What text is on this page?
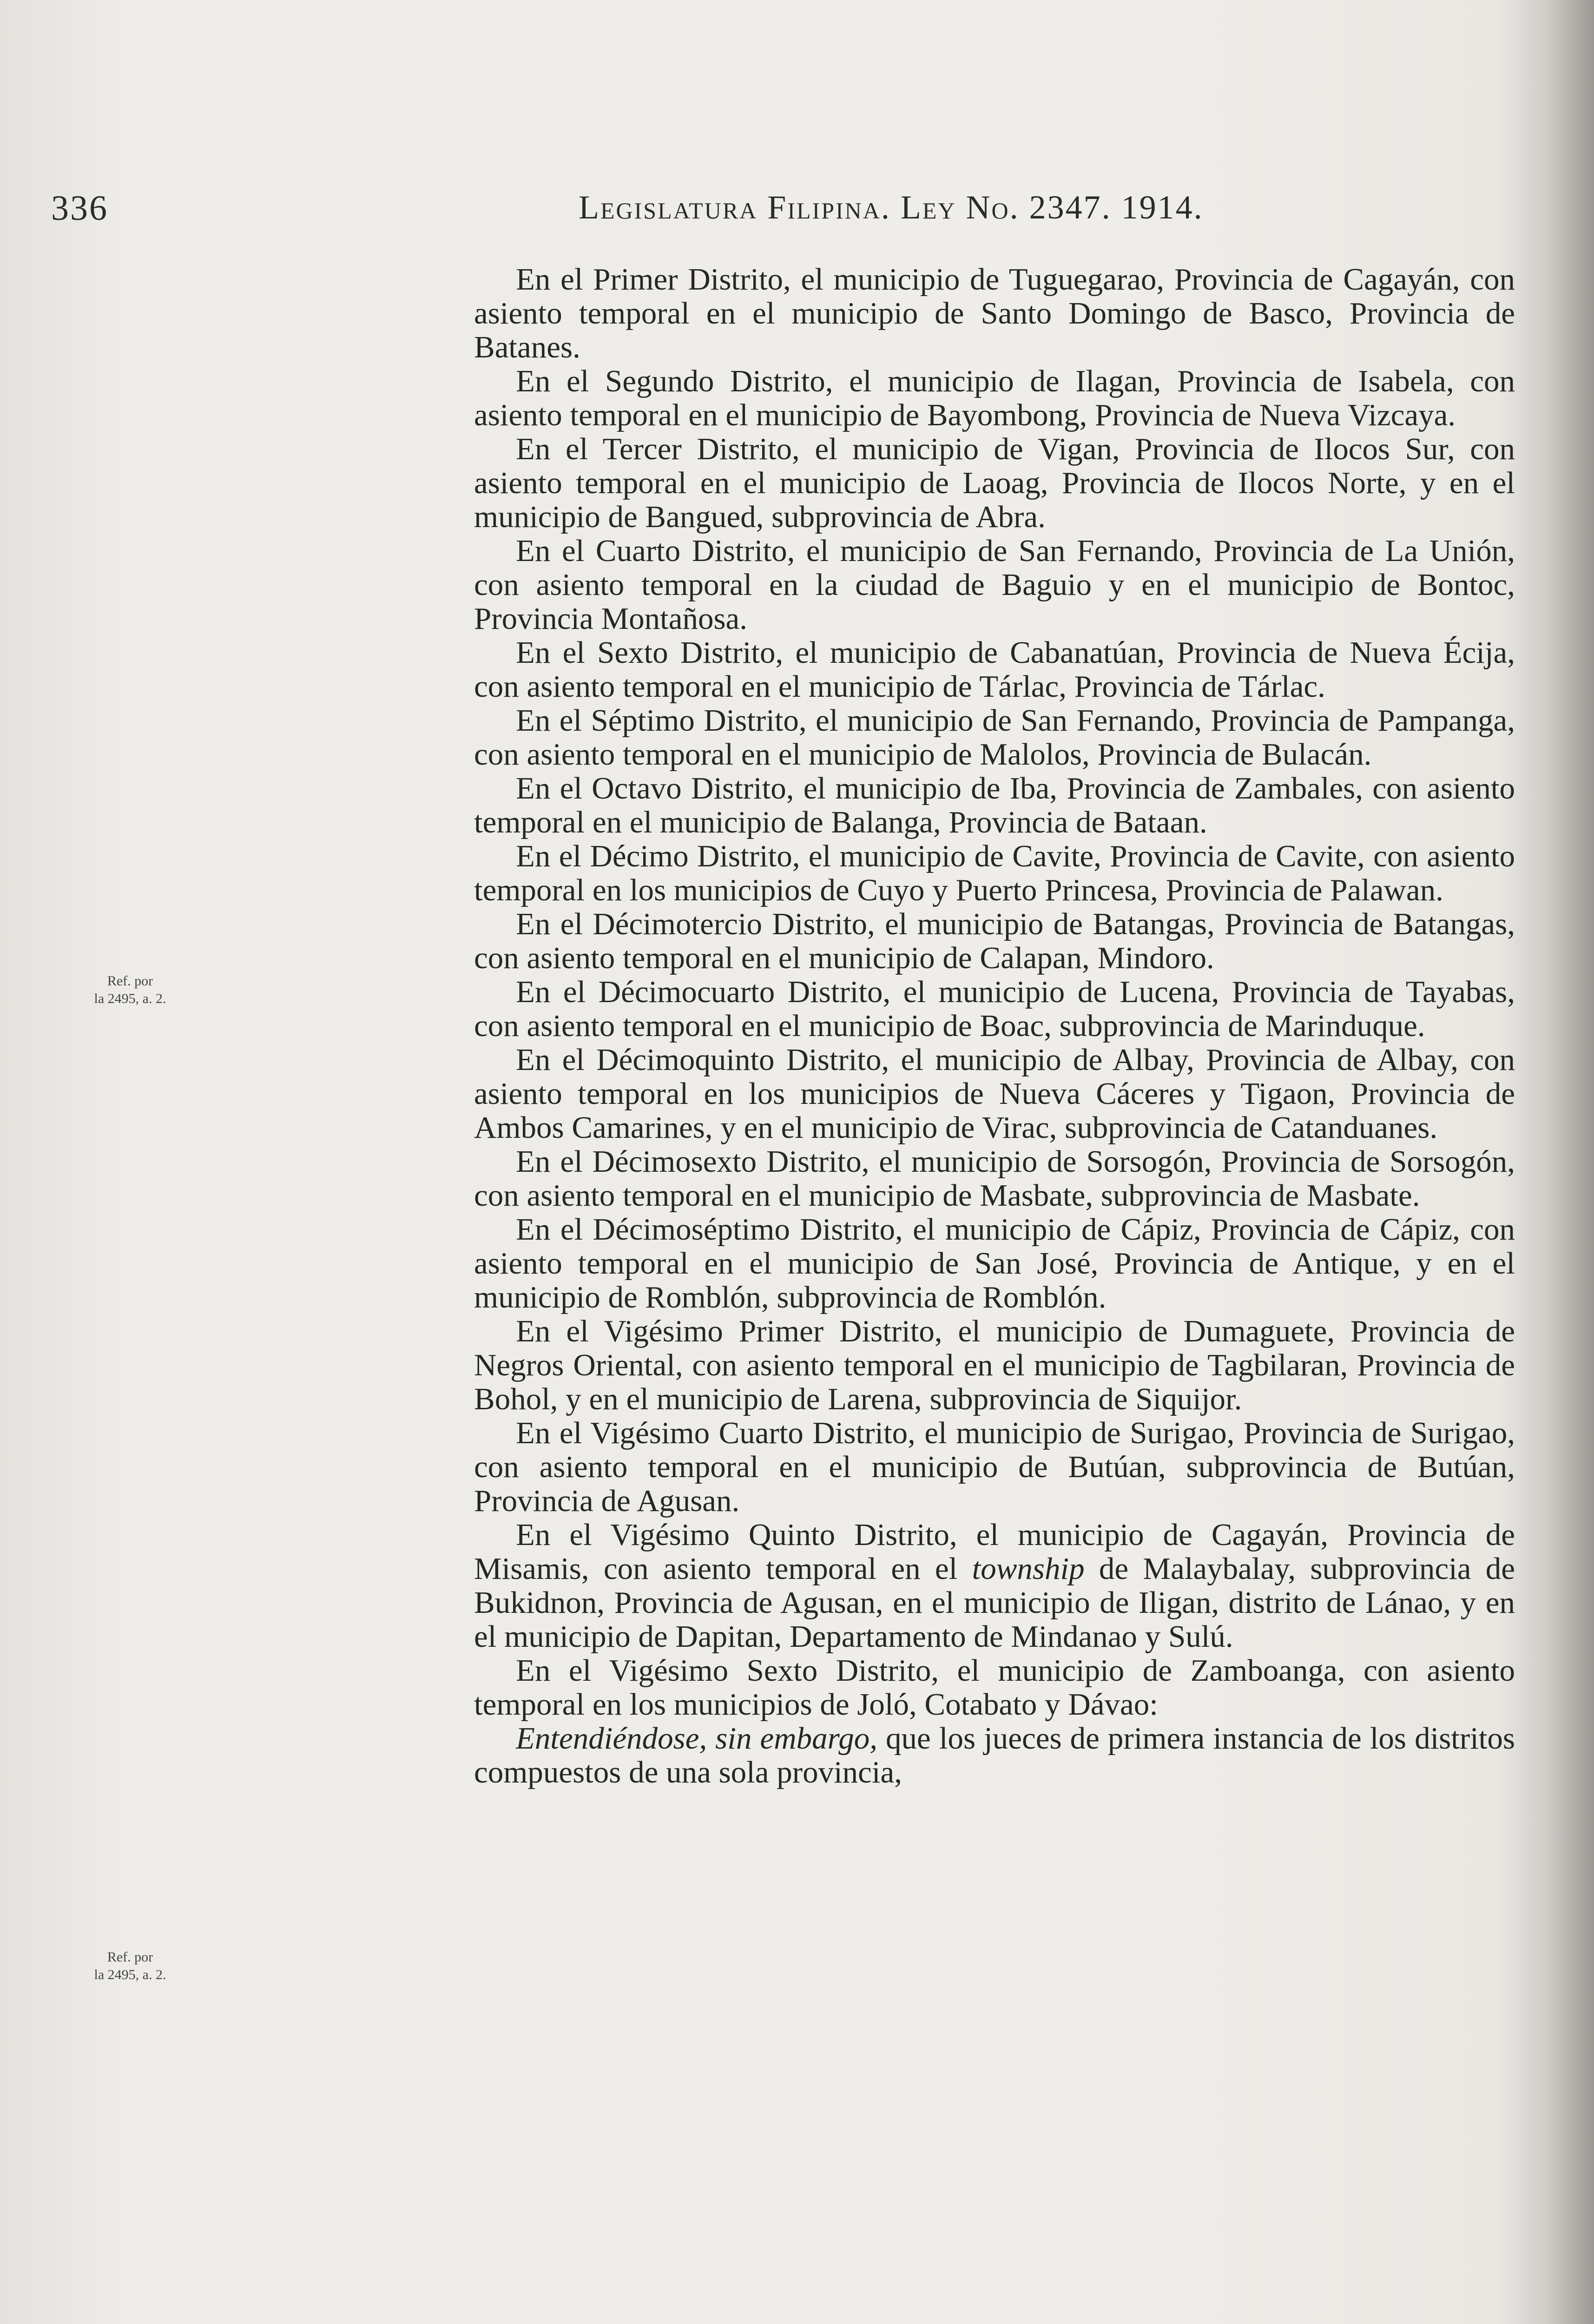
336	Legislatura Filipina. Ley No. 2347. 1914.
Ref. por
la 2495, a. 2.
Ref. por
la 2495, a. 2.

En el Primer Distrito, el municipio de Tuguegarao, Provincia de Cagayán, con asiento temporal en el municipio de Santo Domingo de Basco, Provincia de Batanes.

En el Segundo Distrito, el municipio de Ilagan, Provincia de Isabela, con asiento temporal en el municipio de Bayombong, Provincia de Nueva Vizcaya.

En el Tercer Distrito, el municipio de Vigan, Provincia de Ilocos Sur, con asiento temporal en el municipio de Laoag, Provincia de Ilocos Norte, y en el municipio de Bangued, subprovincia de Abra.

En el Cuarto Distrito, el municipio de San Fernando, Provincia de La Unión, con asiento temporal en la ciudad de Baguio y en el municipio de Bontoc, Provincia Montañosa.

En el Sexto Distrito, el municipio de Cabanatúan, Provincia de Nueva Écija, con asiento temporal en el municipio de Tárlac, Provincia de Tárlac.

En el Séptimo Distrito, el municipio de San Fernando, Provincia de Pampanga, con asiento temporal en el municipio de Malolos, Provincia de Bulacán.

En el Octavo Distrito, el municipio de Iba, Provincia de Zambales, con asiento temporal en el municipio de Balanga, Provincia de Bataan.

En el Décimo Distrito, el municipio de Cavite, Provincia de Cavite, con asiento temporal en los municipios de Cuyo y Puerto Princesa, Provincia de Palawan.

En el Décimotercio Distrito, el municipio de Batangas, Provincia de Batangas, con asiento temporal en el municipio de Calapan, Mindoro.

En el Décimocuarto Distrito, el municipio de Lucena, Provincia de Tayabas, con asiento temporal en el municipio de Boac, subprovincia de Marinduque.

En el Décimoquinto Distrito, el municipio de Albay, Provincia de Albay, con asiento temporal en los municipios de Nueva Cáceres y Tigaon, Provincia de Ambos Camarines, y en el municipio de Virac, subprovincia de Catanduanes.

En el Décimosexto Distrito, el municipio de Sorsogón, Provincia de Sorsogón, con asiento temporal en el municipio de Masbate, subprovincia de Masbate.

En el Décimoséptimo Distrito, el municipio de Cápiz, Provincia de Cápiz, con asiento temporal en el municipio de San José, Provincia de Antique, y en el municipio de Romblón, subprovincia de Romblón.

En el Vigésimo Primer Distrito, el municipio de Dumaguete, Provincia de Negros Oriental, con asiento temporal en el municipio de Tagbilaran, Provincia de Bohol, y en el municipio de Larena, subprovincia de Siquijor.

En el Vigésimo Cuarto Distrito, el municipio de Surigao, Provincia de Surigao, con asiento temporal en el municipio de Butúan, subprovincia de Butúan, Provincia de Agusan.

En el Vigésimo Quinto Distrito, el municipio de Cagayán, Provincia de Misamis, con asiento temporal en el township de Malaybalay, subprovincia de Bukidnon, Provincia de Agusan, en el municipio de Iligan, distrito de Lánao, y en el municipio de Dapitan, Departamento de Mindanao y Sulú.

En el Vigésimo Sexto Distrito, el municipio de Zamboanga, con asiento temporal en los municipios de Joló, Cotabato y Dávao:

Entendiéndose, sin embargo, que los jueces de primera instancia de los distritos compuestos de una sola provincia,
